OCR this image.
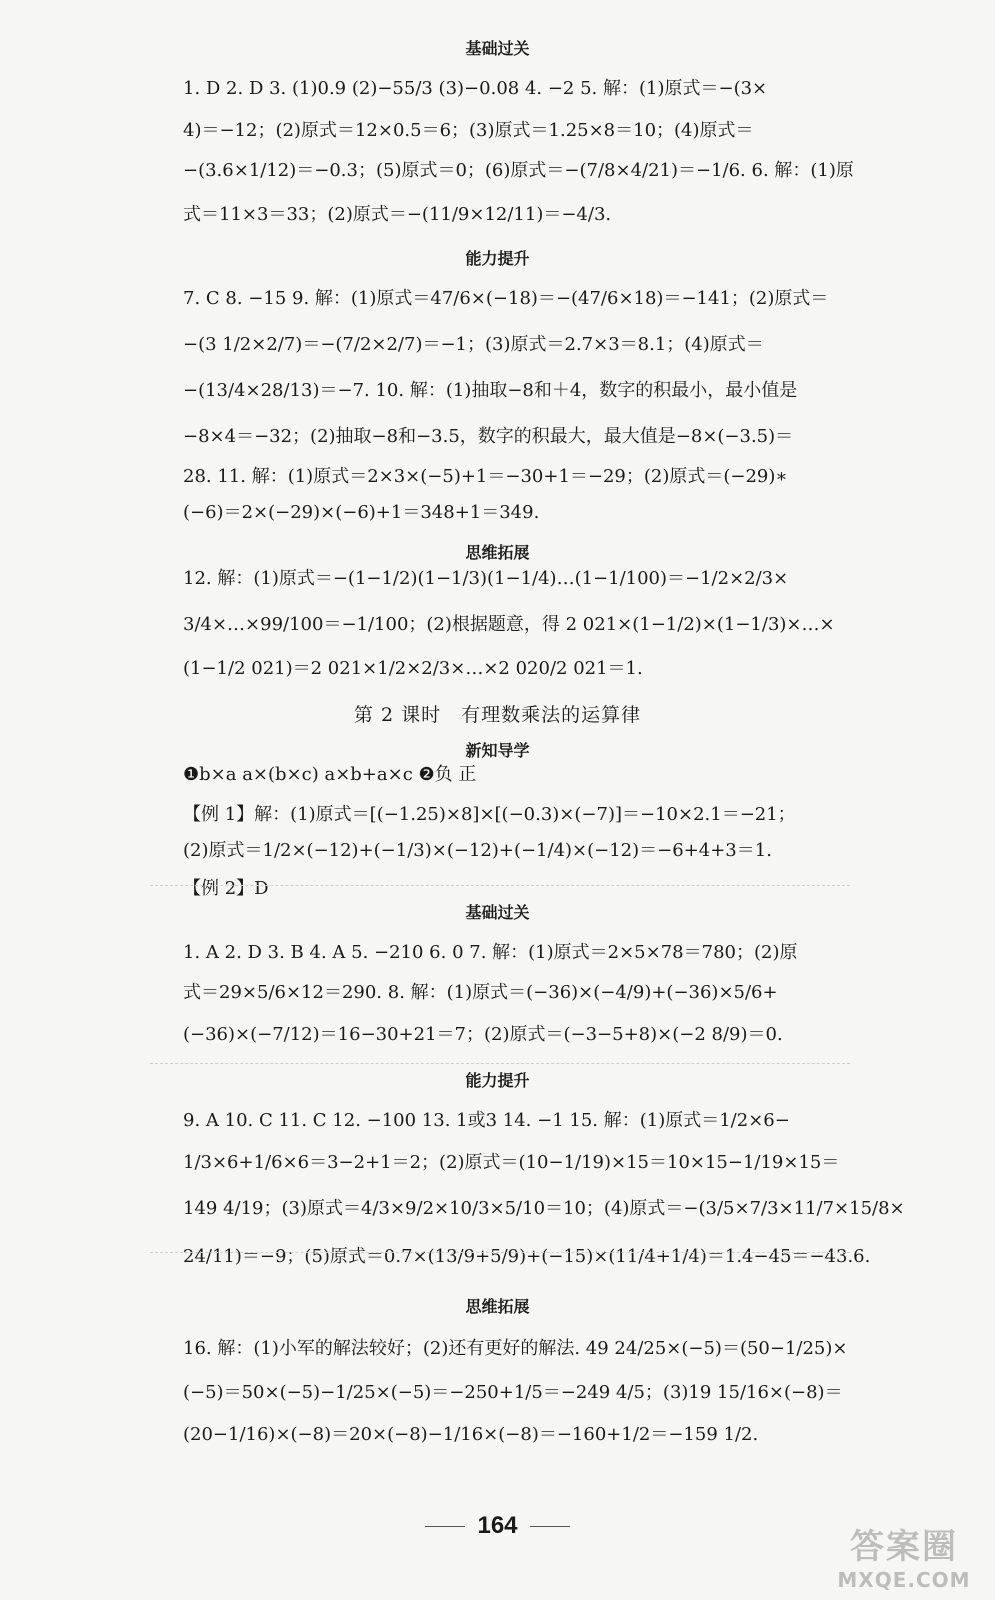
基础过关
1. D 2. D 3. (1)0.9 (2)−55/3 (3)−0.08 4. −2 5. 解：(1)原式＝−(3×
4)＝−12；(2)原式＝12×0.5＝6；(3)原式＝1.25×8＝10；(4)原式＝
−(3.6×1/12)＝−0.3；(5)原式＝0；(6)原式＝−(7/8×4/21)＝−1/6. 6. 解：(1)原
式＝11×3＝33；(2)原式＝−(11/9×12/11)＝−4/3.
能力提升
7. C 8. −15 9. 解：(1)原式＝47/6×(−18)＝−(47/6×18)＝−141；(2)原式＝
−(3 1/2×2/7)＝−(7/2×2/7)＝−1；(3)原式＝2.7×3＝8.1；(4)原式＝
−(13/4×28/13)＝−7. 10. 解：(1)抽取−8和＋4，数字的积最小，最小值是
−8×4＝−32；(2)抽取−8和−3.5，数字的积最大，最大值是−8×(−3.5)＝
28. 11. 解：(1)原式＝2×3×(−5)+1＝−30+1＝−29；(2)原式＝(−29)∗
(−6)＝2×(−29)×(−6)+1＝348+1＝349.
思维拓展
12. 解：(1)原式＝−(1−1/2)(1−1/3)(1−1/4)…(1−1/100)＝−1/2×2/3×
3/4×…×99/100＝−1/100；(2)根据题意，得 2 021×(1−1/2)×(1−1/3)×…×
(1−1/2 021)＝2 021×1/2×2/3×…×2 020/2 021＝1.
第 2 课时　有理数乘法的运算律
新知导学
❶b×a a×(b×c) a×b+a×c ❷负 正
【例 1】解：(1)原式＝[(−1.25)×8]×[(−0.3)×(−7)]＝−10×2.1＝−21；
(2)原式＝1/2×(−12)+(−1/3)×(−12)+(−1/4)×(−12)＝−6+4+3＝1.
【例 2】D
基础过关
1. A 2. D 3. B 4. A 5. −210 6. 0 7. 解：(1)原式＝2×5×78＝780；(2)原
式＝29×5/6×12＝290. 8. 解：(1)原式＝(−36)×(−4/9)+(−36)×5/6+
(−36)×(−7/12)＝16−30+21＝7；(2)原式＝(−3−5+8)×(−2 8/9)＝0.
能力提升
9. A 10. C 11. C 12. −100 13. 1或3 14. −1 15. 解：(1)原式＝1/2×6−
1/3×6+1/6×6＝3−2+1＝2；(2)原式＝(10−1/19)×15＝10×15−1/19×15＝
149 4/19；(3)原式＝4/3×9/2×10/3×5/10＝10；(4)原式＝−(3/5×7/3×11/7×15/8×
24/11)＝−9；(5)原式＝0.7×(13/9+5/9)+(−15)×(11/4+1/4)＝1.4−45＝−43.6.
思维拓展
16. 解：(1)小军的解法较好；(2)还有更好的解法. 49 24/25×(−5)＝(50−1/25)×
(−5)＝50×(−5)−1/25×(−5)＝−250+1/5＝−249 4/5；(3)19 15/16×(−8)＝
(20−1/16)×(−8)＝20×(−8)−1/16×(−8)＝−160+1/2＝−159 1/2.
164
答案圈
MXQE.COM
